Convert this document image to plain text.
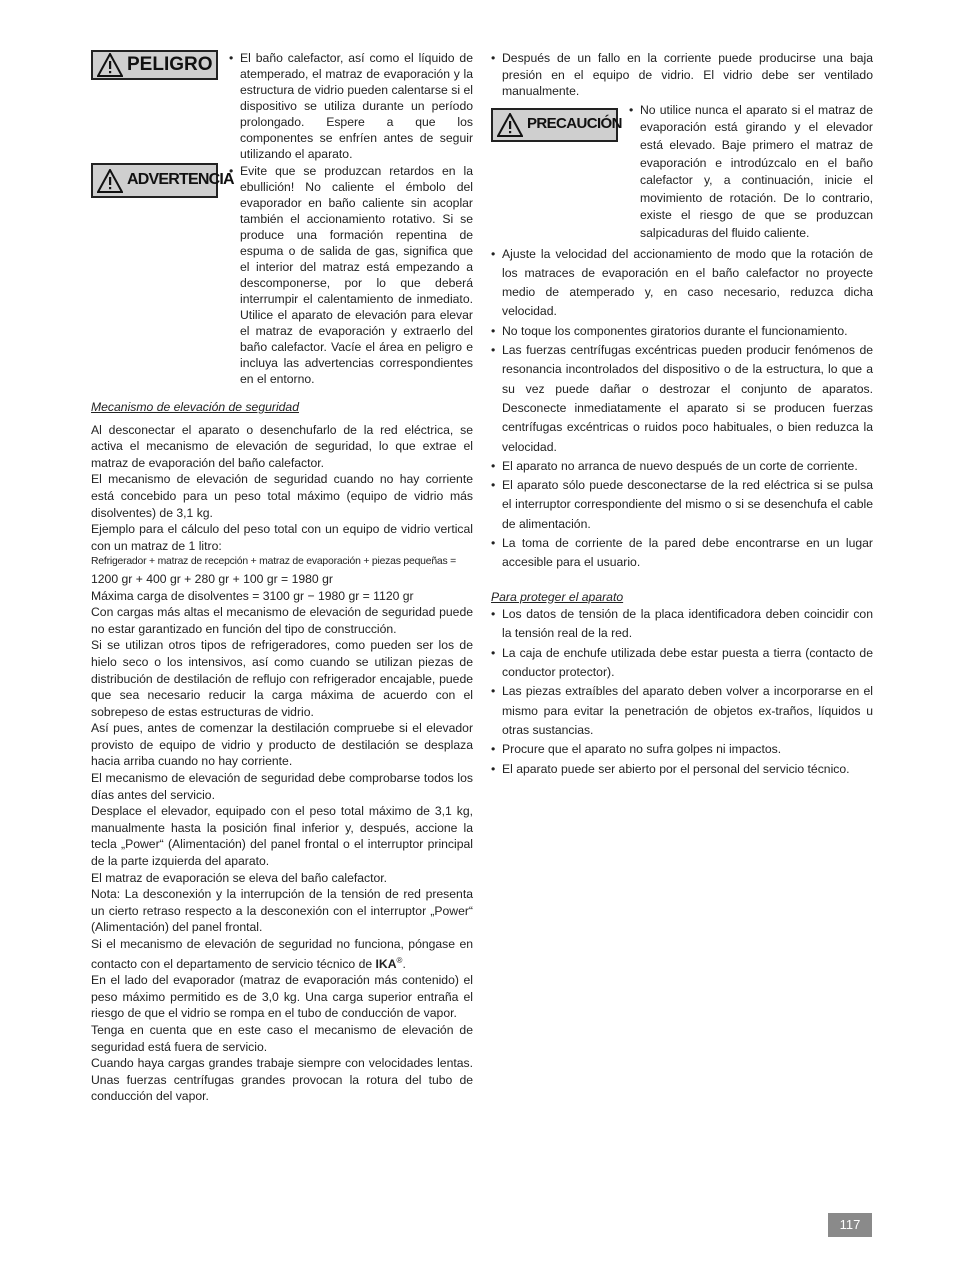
PELIGRO	• El baño calefactor, así como el líquido de atemperado, el matraz de evaporación y la estructura de vidrio pueden calentarse si el dispositivo se utiliza durante un período prolongado. Espere a que los componentes se enfríen antes de seguir utilizando el aparato.
ADVERTENCIA
• Evite que se produzcan retardos en la ebullición! No caliente el émbolo del evaporador en baño caliente sin acoplar también el accionamiento rotativo. Si se produce una formación repentina de espuma o de salida de gas, significa que el interior del matraz está empezando a descomponerse, por lo que deberá interrumpir el calentamiento de inmediato. Utilice el aparato de elevación para elevar el matraz de evaporación y extraerlo del baño calefactor. Vacíe el área en peligro e incluya las advertencias correspondientes en el entorno.

Mecanismo de elevación de seguridad

Al desconectar el aparato o desenchufarlo de la red eléctrica, se activa el mecanismo de elevación de seguridad, lo que extrae el matraz de evaporación del baño calefactor.

El mecanismo de elevación de seguridad cuando no hay corriente está concebido para un peso total máximo (equipo de vidrio más disolventes) de 3,1 kg.

Ejemplo para el cálculo del peso total con un equipo de vidrio vertical con un matraz de 1 litro:

Refrigerador + matraz de recepción + matraz de evaporación + piezas pequeñas =

1200 gr + 400 gr + 280 gr + 100 gr = 1980 gr

Máxima carga de disolventes = 3100 gr − 1980 gr = 1120 gr

Con cargas más altas el mecanismo de elevación de seguridad puede no estar garantizado en función del tipo de construcción.

Si se utilizan otros tipos de refrigeradores, como pueden ser los de hielo seco o los intensivos, así como cuando se utilizan piezas de distribución de destilación de reflujo con refrigerador encajable, puede que sea necesario reducir la carga máxima de acuerdo con el sobrepeso de estas estructuras de vidrio.

Así pues, antes de comenzar la destilación compruebe si el elevador provisto de equipo de vidrio y producto de destilación se desplaza hacia arriba cuando no hay corriente.

El mecanismo de elevación de seguridad debe comprobarse todos los días antes del servicio.

Desplace el elevador, equipado con el peso total máximo de 3,1 kg, manualmente hasta la posición final inferior y, después, accione la tecla „Power“ (Alimentación) del panel frontal o el interruptor principal de la parte izquierda del aparato.

El matraz de evaporación se eleva del baño calefactor.

Nota: La desconexión y la interrupción de la tensión de red presenta un cierto retraso respecto a la desconexión con el interruptor „Power“ (Alimentación) del panel frontal.

Si el mecanismo de elevación de seguridad no funciona, póngase en contacto con el departamento de servicio técnico de IKA®.

En el lado del evaporador (matraz de evaporación más contenido) el peso máximo permitido es de 3,0 kg. Una carga superior entraña el riesgo de que el vidrio se rompa en el tubo de conducción de vapor.

Tenga en cuenta que en este caso el mecanismo de elevación de seguridad está fuera de servicio.

Cuando haya cargas grandes trabaje siempre con velocidades lentas. Unas fuerzas centrífugas grandes provocan la rotura del tubo de conducción del vapor.

• Después de un fallo en la corriente puede producirse una baja presión en el equipo de vidrio. El vidrio debe ser ventilado manualmente.
PRECAUCIÓN
• No utilice nunca el aparato si el matraz de evaporación está girando y el elevador está elevado. Baje primero el matraz de evaporación e introdúzcalo en el baño calefactor y, a continuación, inicie el movimiento de rotación. De lo contrario, existe el riesgo de que se produzcan salpicaduras del fluido caliente.
• Ajuste la velocidad del accionamiento de modo que la rotación de los matraces de evaporación en el baño calefactor no proyecte medio de atemperado y, en caso necesario, reduzca dicha velocidad.
• No toque los componentes giratorios durante el funcionamiento.
• Las fuerzas centrífugas excéntricas pueden producir fenómenos de resonancia incontrolados del dispositivo o de la estructura, lo que a su vez puede dañar o destrozar el conjunto de aparatos. Desconecte inmediatamente el aparato si se producen fuerzas centrífugas excéntricas o ruidos poco habituales, o bien reduzca la velocidad.
• El aparato no arranca de nuevo después de un corte de corriente.
• El aparato sólo puede desconectarse de la red eléctrica si se pulsa el interruptor correspondiente del mismo o si se desenchufa el cable de alimentación.
• La toma de corriente de la pared debe encontrarse en un lugar accesible para el usuario.

Para proteger el aparato

• Los datos de tensión de la placa identificadora deben coincidir con la tensión real de la red.
• La caja de enchufe utilizada debe estar puesta a tierra (contacto de conductor protector).
• Las piezas extraíbles del aparato deben volver a incorporarse en el mismo para evitar la penetración de objetos ex-traños, líquidos u otras sustancias.
• Procure que el aparato no sufra golpes ni impactos.
• El aparato puede ser abierto por el personal del servicio técnico.
117
